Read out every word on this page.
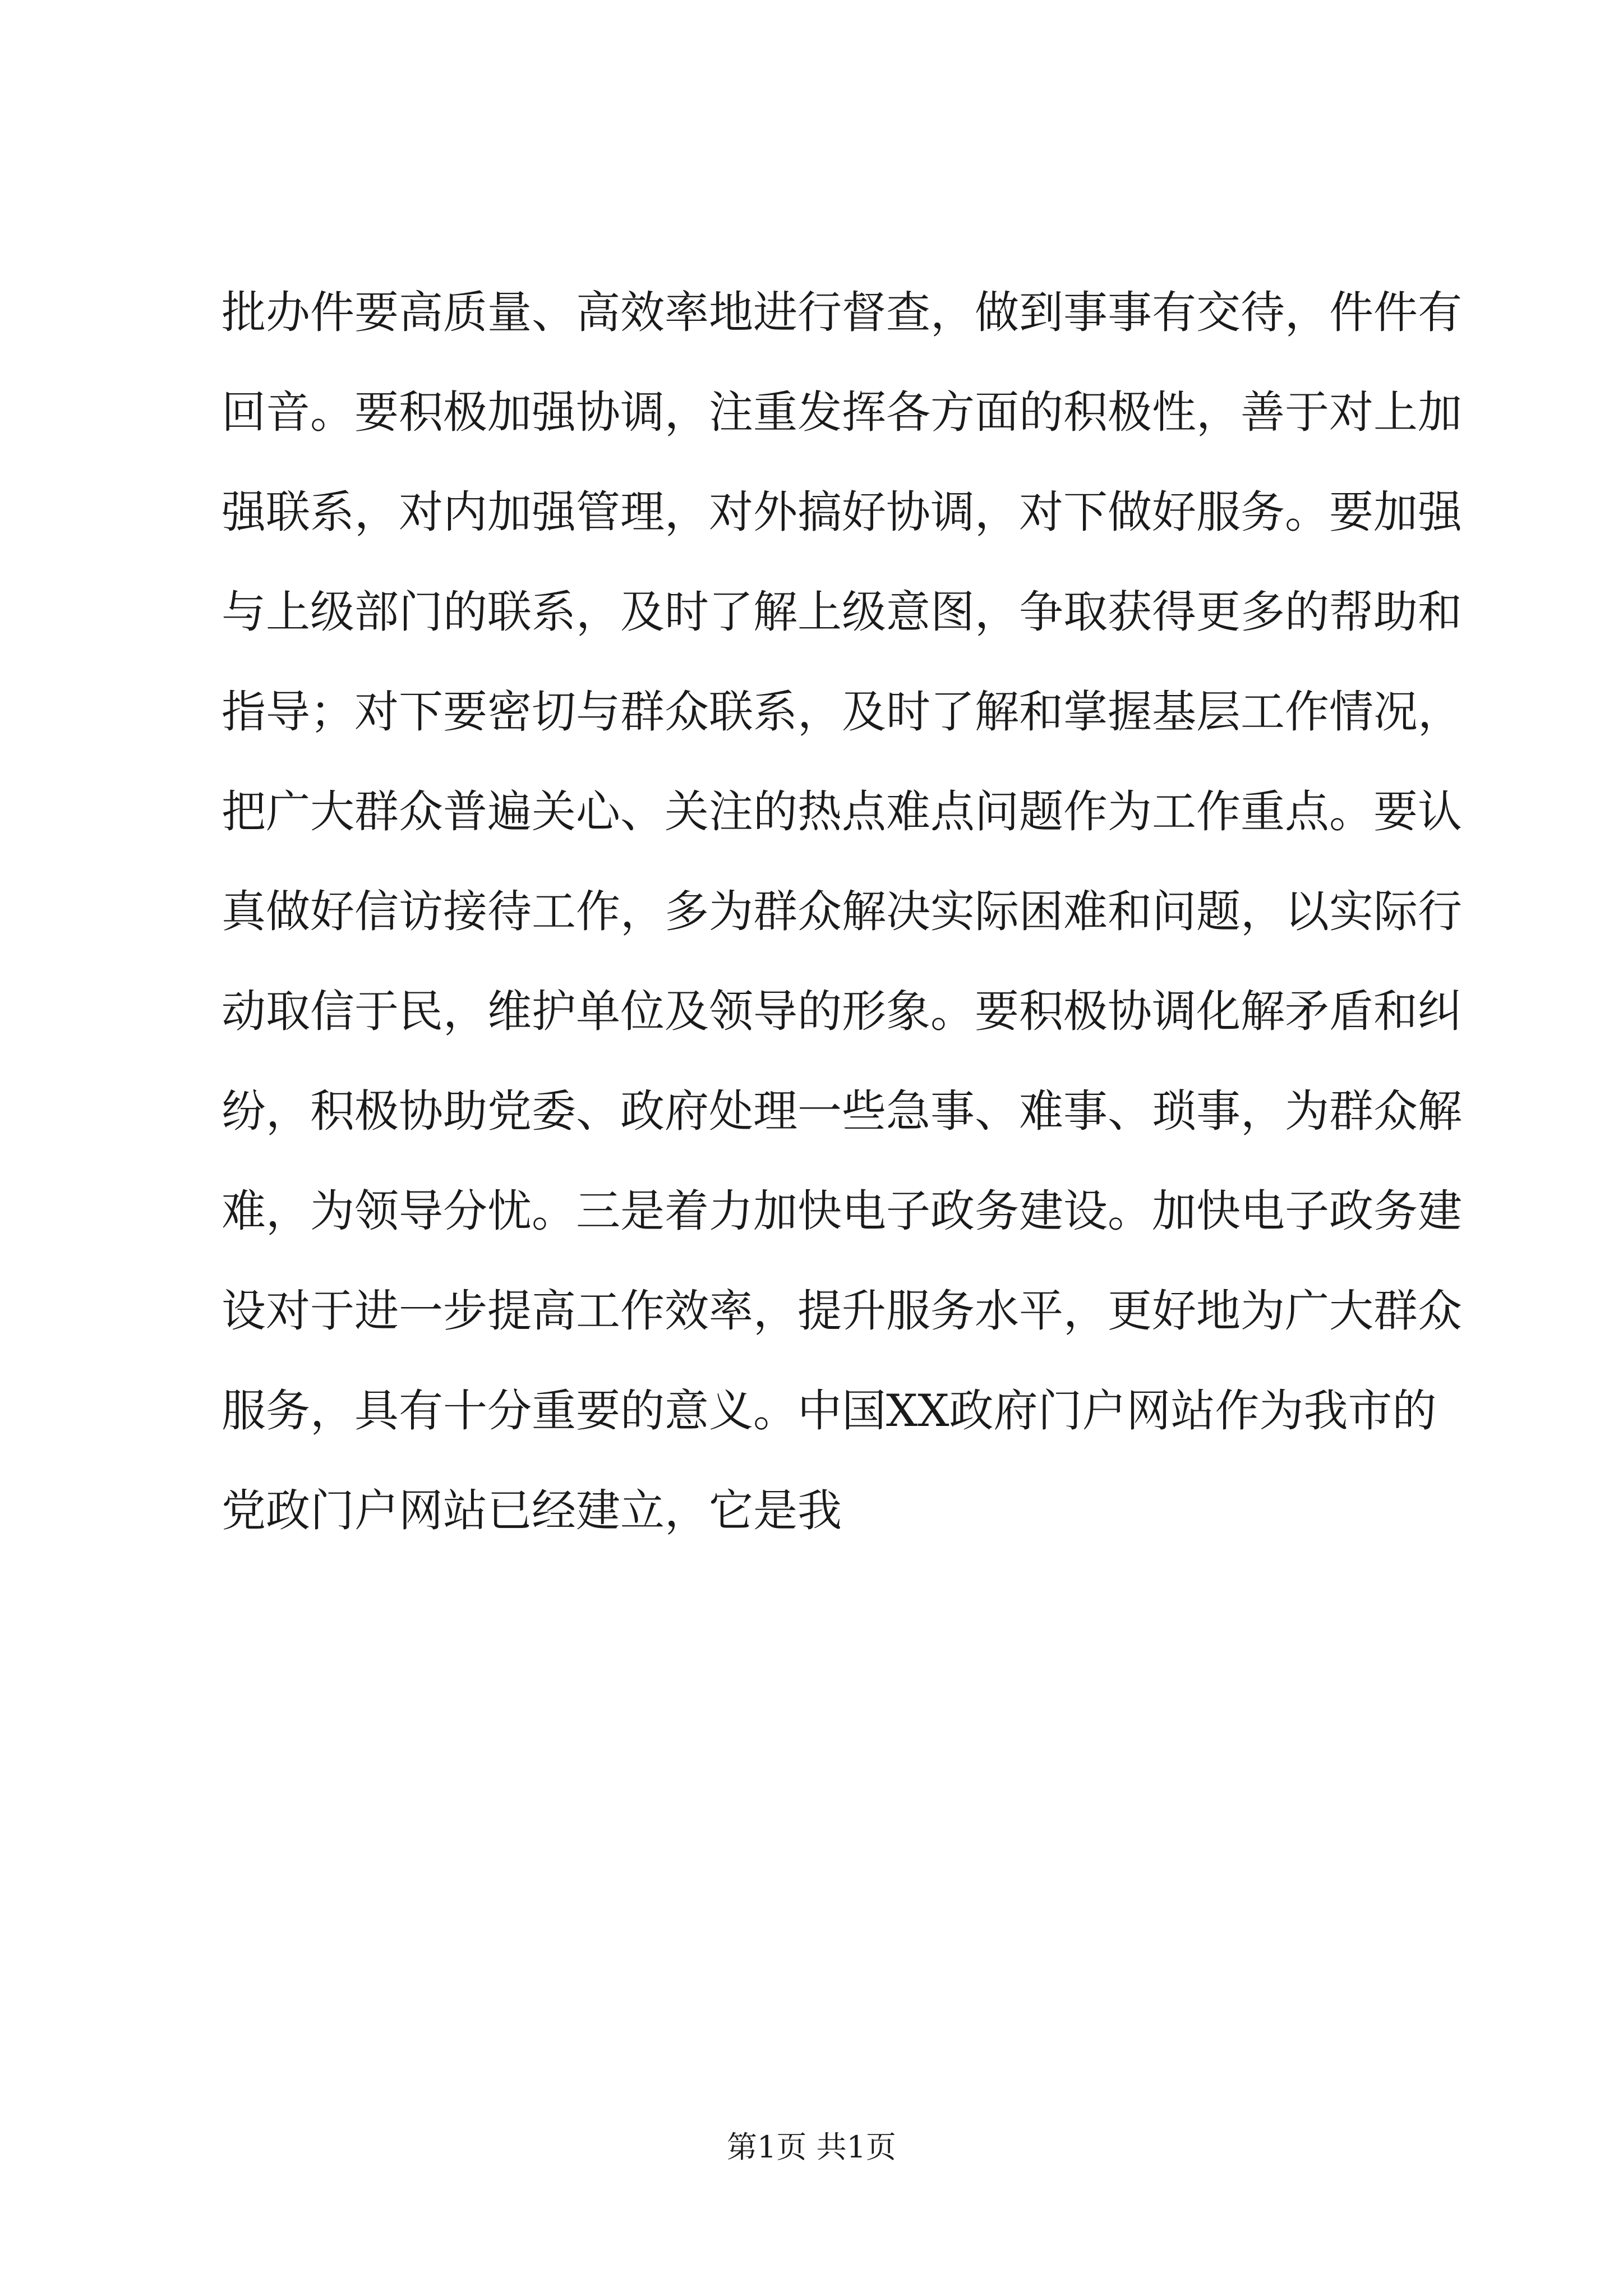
批办件要高质量、高效率地进行督查，做到事事有交待，件件有
回音。要积极加强协调，注重发挥各方面的积极性，善于对上加
强联系，对内加强管理，对外搞好协调，对下做好服务。要加强
与上级部门的联系，及时了解上级意图，争取获得更多的帮助和
指导；对下要密切与群众联系，及时了解和掌握基层工作情况，
把广大群众普遍关心、关注的热点难点问题作为工作重点。要认
真做好信访接待工作，多为群众解决实际困难和问题，以实际行
动取信于民，维护单位及领导的形象。要积极协调化解矛盾和纠
纷，积极协助党委、政府处理一些急事、难事、琐事，为群众解
难，为领导分忧。三是着力加快电子政务建设。加快电子政务建
设对于进一步提高工作效率，提升服务水平，更好地为广大群众
服务，具有十分重要的意义。中国XX政府门户网站作为我市的
党政门户网站已经建立，它是我
第1页 共1页
